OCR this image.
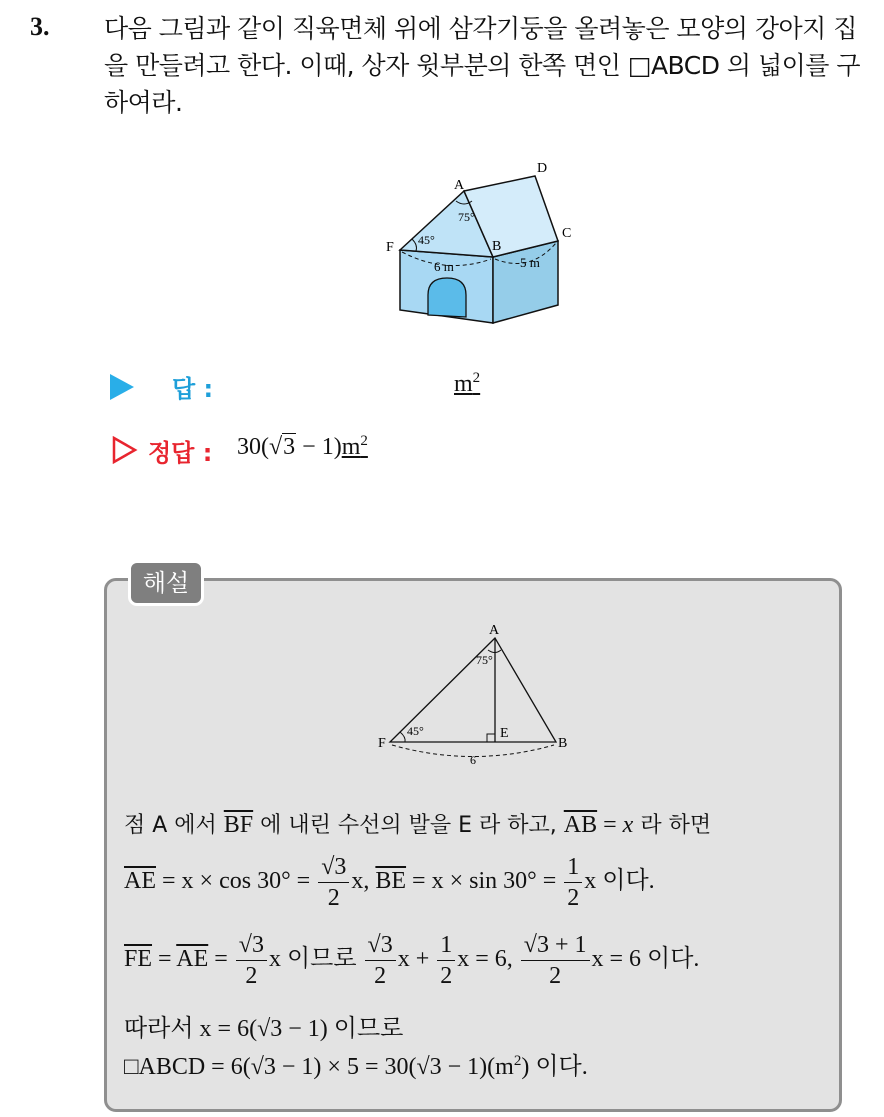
3. 다음 그림과 같이 직육면체 위에 삼각기둥을 올려놓은 모양의 강아지 집을 만들려고 한다. 이때, 상자 윗부분의 한쪽 면인 □ABCD 의 넓이를 구하여라.
A
D
C
B
F
75°
45°
6 m	5 m
답 :	$m^2$
정답 : $30(√3 - 1)m^2$
해설
A
F	B
E
75°
45°
6
점 A 에서 $\overline{BF}$ 에 내린 수선의 발을 E 라 하고, $\overline{AB} = x$ 라 하면
$\overline{AE} = x \times \cos 30^\circ = \frac{√3}{2} x$, $\overline{BE} = x \times \sin 30^\circ = \frac{1}{2}$ x 이다.
$\overline{FE} = \overline{AE} = \frac{√3}{2}$ x 이므로 $\frac{√3}{2}$ $x + \frac{1}{2}$ x = 6, $\frac{√3 + 1}{2}$ x = 6 이다.
따라서 x = 6(√3 − 1) 이므로
□ABCD = $6(√3 - 1) \times 5 = 30(√3 - 1)(m^2)$ 이다.
